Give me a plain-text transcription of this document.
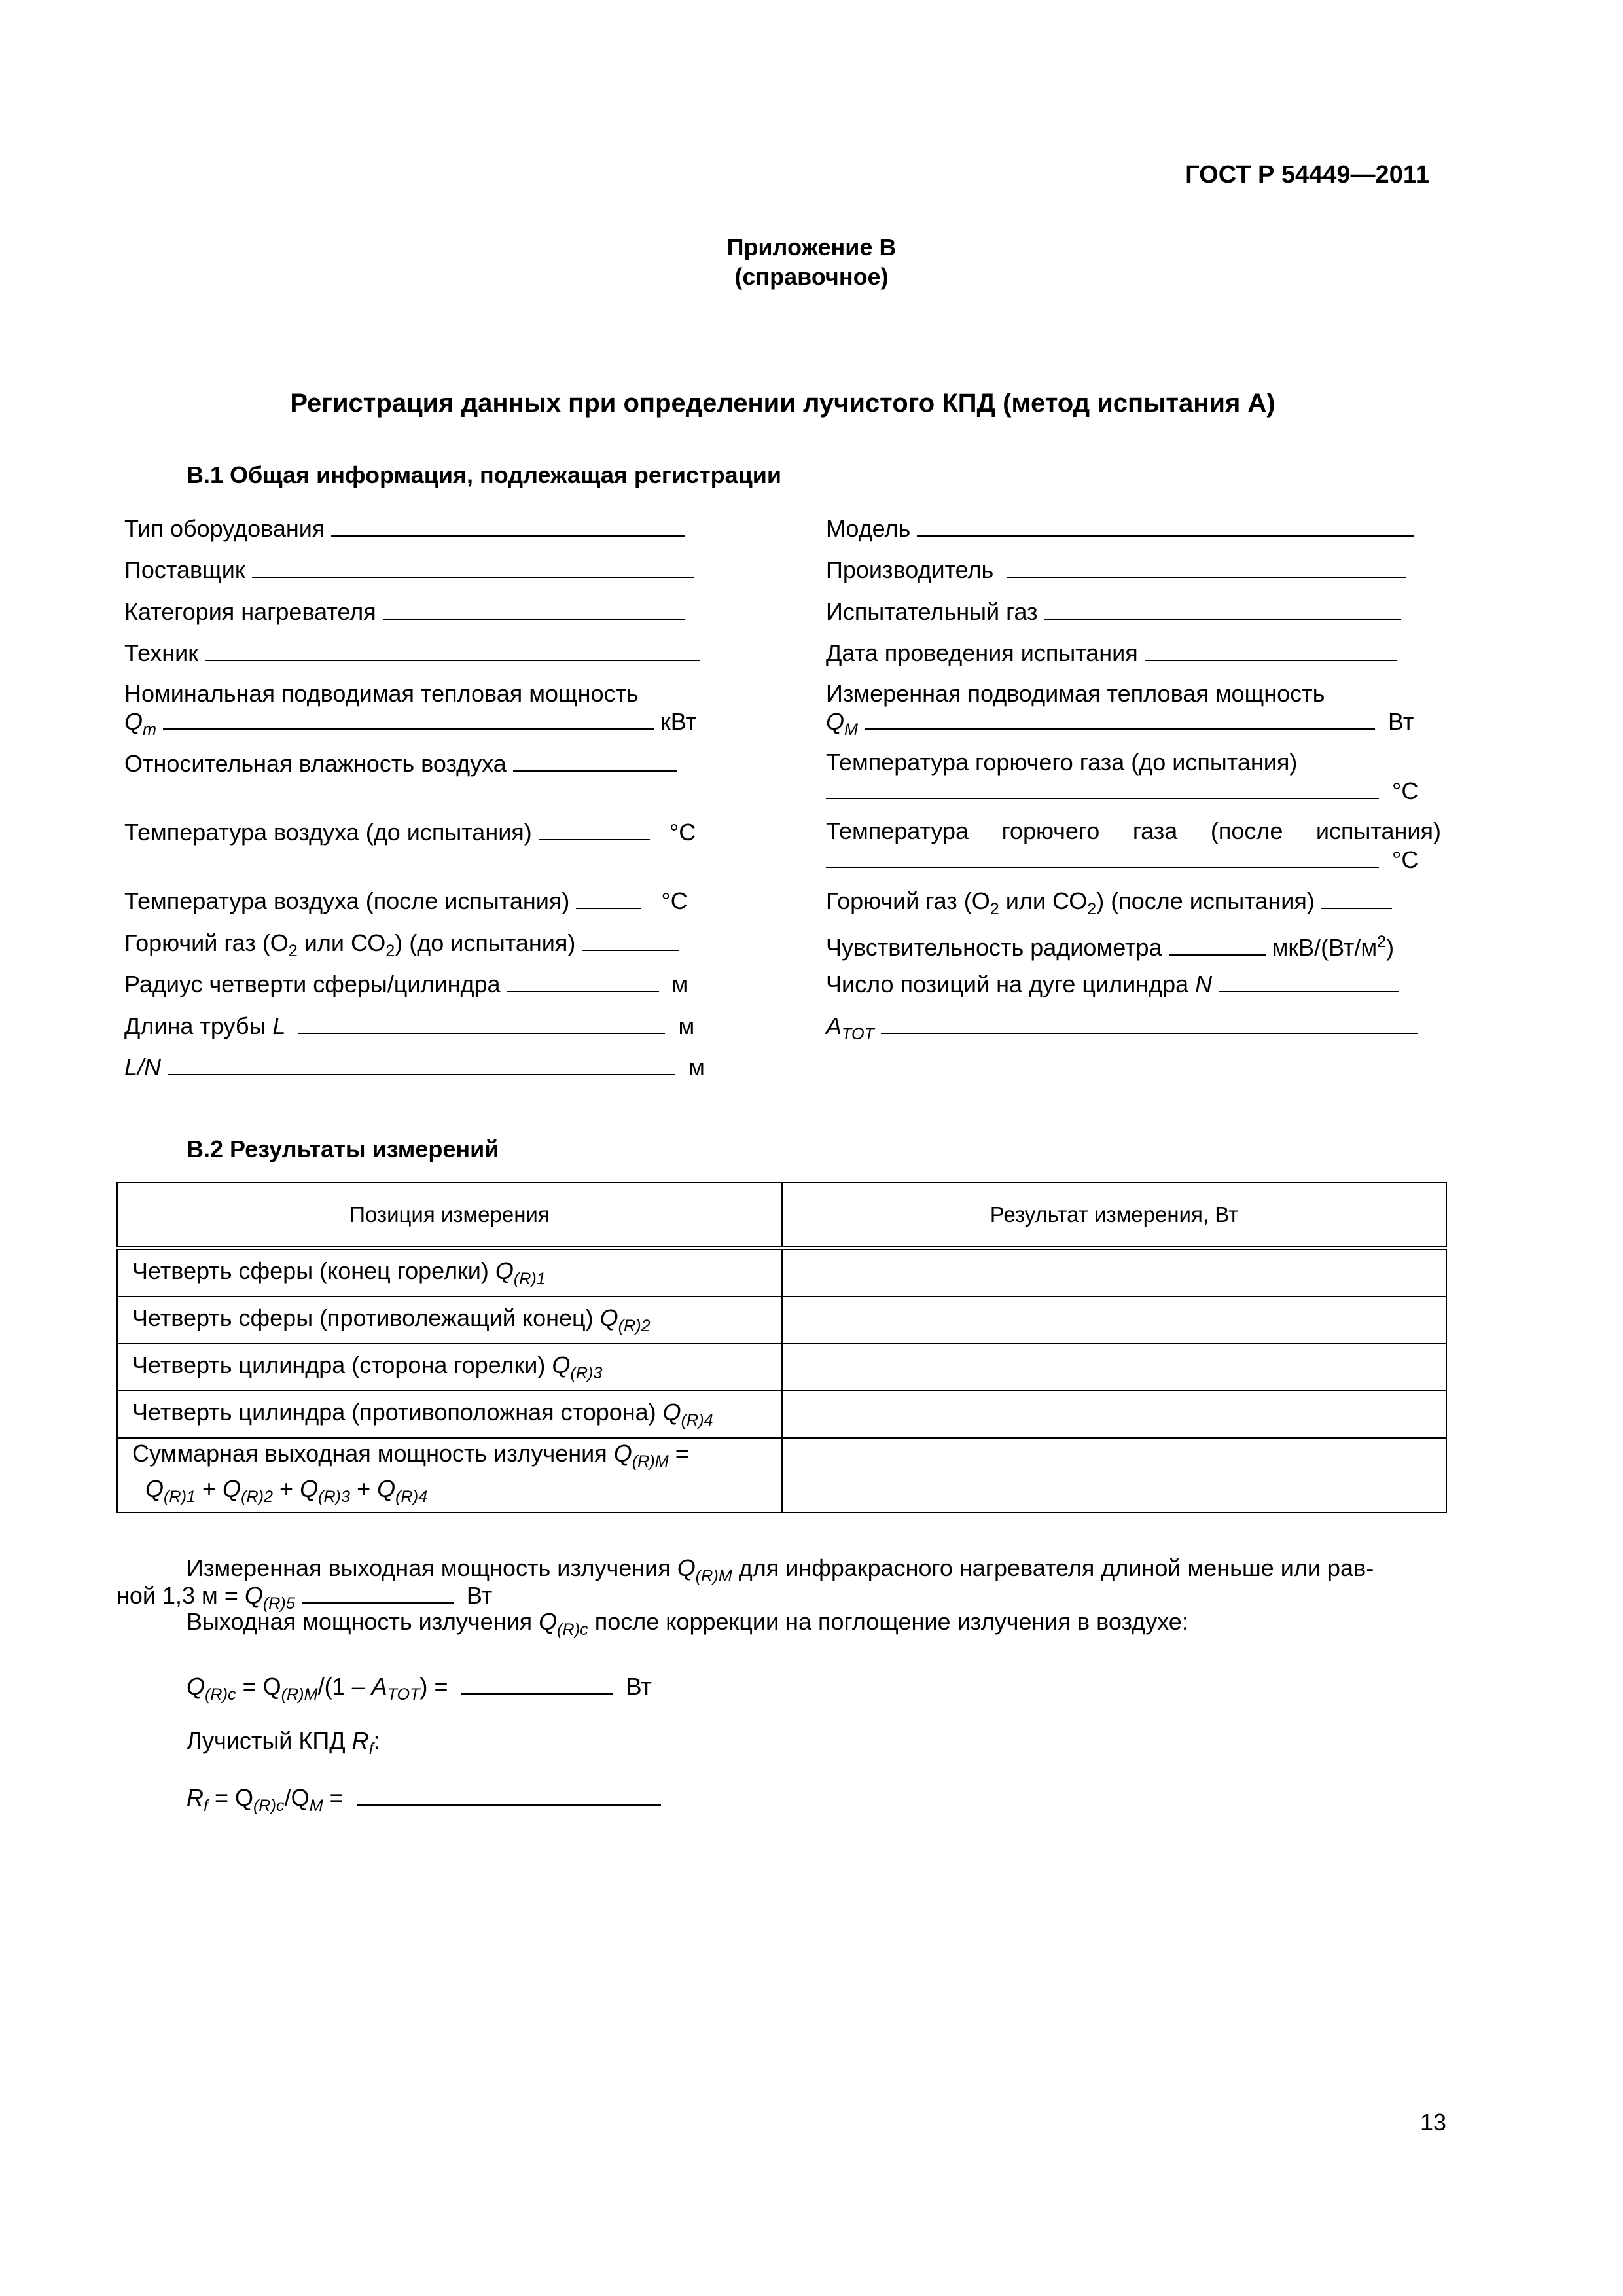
ГОСТ Р 54449—2011
Приложение В
(справочное)
Регистрация данных при определении лучистого КПД (метод испытания А)
В.1 Общая информация, подлежащая регистрации
Тип оборудования
Поставщик
Категория нагревателя
Техник
Номинальная подводимая тепловая мощность
$Q_m$	кВт
Относительная влажность воздуха
Температура воздуха (до испытания)	°С
Температура воздуха (после испытания)	°С
Горючий газ ($О_2$ или $СО_2$) (до испытания)
Радиус четверти сферы/цилиндра	м
Длина трубы L	м
L/N	м
Модель
Производитель
Испытательный газ
Дата проведения испытания
Измеренная подводимая тепловая мощность
$Q_M$	Вт
Температура горючего газа (до испытания)
°С
Температура горючего газа (после испытания)
°С
Горючий газ ($О_2$ или $СО_2$) (после испытания)
Чувствительность радиометра	мкВ/$(Вт/м^2)$
Число позиций на дуге цилиндра N
$A_{TOT}$
В.2 Результаты измерений
Позиция измерения	Результат измерения, Вт
Четверть сферы (конец горелки) $Q_{(R)1}$	
Четверть сферы (противолежащий конец) $Q_{(R)2}$	
Четверть цилиндра (сторона горелки) $Q_{(R)3}$	
Четверть цилиндра (противоположная сторона) $Q_{(R)4}$	
Суммарная выходная мощность излучения $Q_{(R)M}$ =
$Q_{(R)1} + Q_{(R)2} + Q_{(R)3} + Q_{(R)4}$	
Измеренная выходная мощность излучения $Q_{(R)M}$ для инфракрасного нагревателя длиной меньше или рав-
ной 1,3 $м = Q_{(R)5}$	Вт
Выходная мощность излучения $Q_{(R)c}$ после коррекции на поглощение излучения в воздухе:
$Q_{(R)c} = Q_{(R)M}/(1 - A_{TOT})$ =	Вт
Лучистый КПД $R_f$:
$R_f = Q_{(R)c}/Q_M$ =
13
